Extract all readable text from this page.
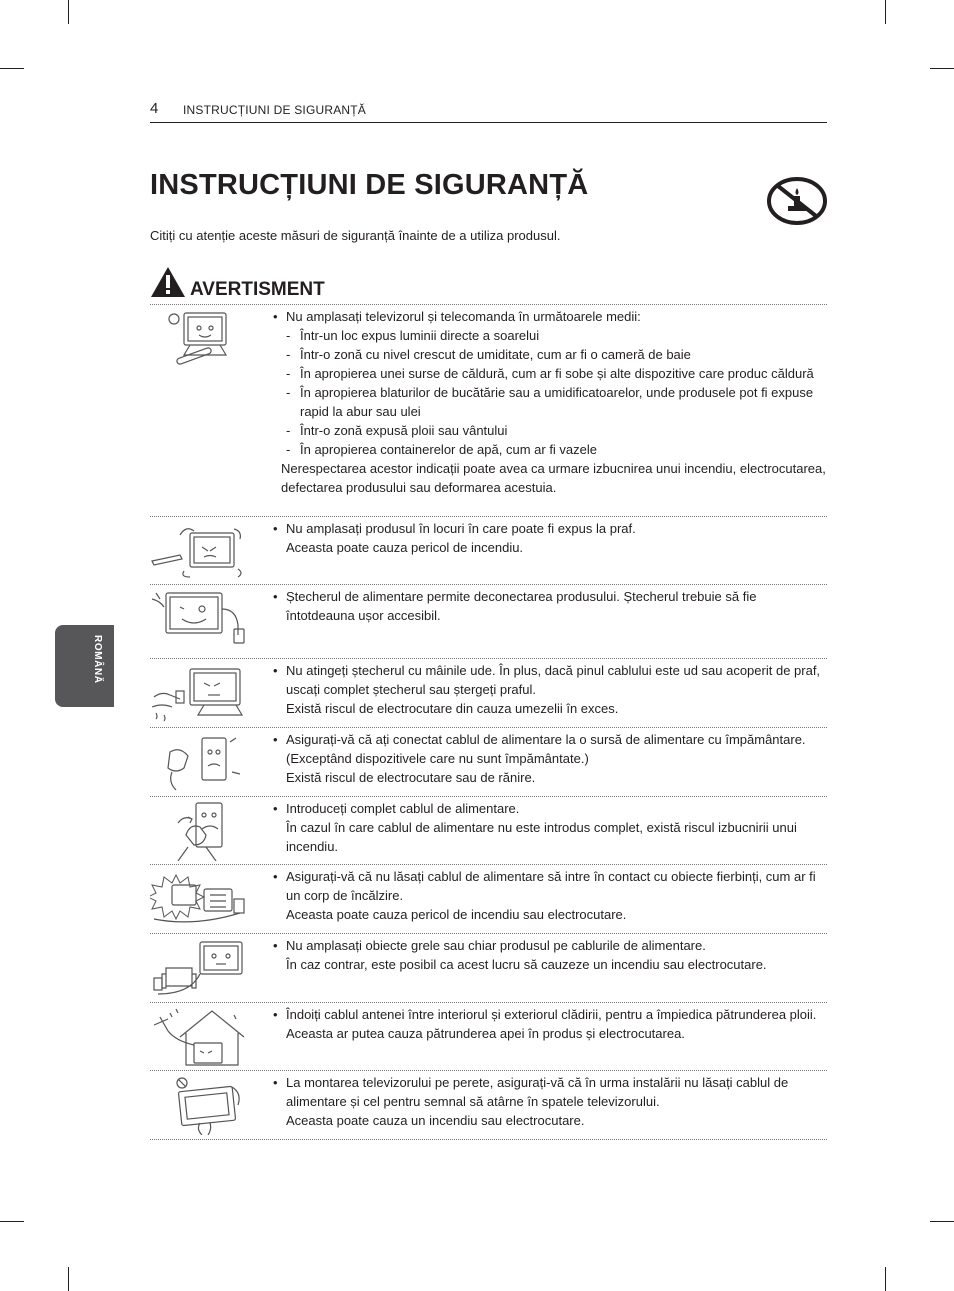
4 INSTRUCȚIUNI DE SIGURANȚĂ
INSTRUCȚIUNI DE SIGURANȚĂ
Citiți cu atenție aceste măsuri de siguranță înainte de a utiliza produsul.
ROMÂNĂ
AVERTISMENT

• Nu amplasați televizorul și telecomanda în următoarele medii:

- Într-un loc expus luminii directe a soarelui

- Într-o zonă cu nivel crescut de umiditate, cum ar fi o cameră de baie

- În apropierea unei surse de căldură, cum ar fi sobe și alte dispozitive care produc căldură

- În apropierea blaturilor de bucătărie sau a umidificatoarelor, unde produsele pot fi expuse rapid la abur sau ulei

- Într-o zonă expusă ploii sau vântului

- În apropierea containerelor de apă, cum ar fi vazele

Nerespectarea acestor indicații poate avea ca urmare izbucnirea unui incendiu, electrocutarea, defectarea produsului sau deformarea acestuia.

• Nu amplasați produsul în locuri în care poate fi expus la praf.

Aceasta poate cauza pericol de incendiu.

• Ștecherul de alimentare permite deconectarea produsului. Ștecherul trebuie să fie întotdeauna ușor accesibil.

• Nu atingeți ștecherul cu mâinile ude. În plus, dacă pinul cablului este ud sau acoperit de praf, uscați complet ștecherul sau ștergeți praful.

Există riscul de electrocutare din cauza umezelii în exces.

• Asigurați-vă că ați conectat cablul de alimentare la o sursă de alimentare cu împământare. (Exceptând dispozitivele care nu sunt împământate.)

Există riscul de electrocutare sau de rănire.

• Introduceți complet cablul de alimentare.

În cazul în care cablul de alimentare nu este introdus complet, există riscul izbucnirii unui incendiu.

• Asigurați-vă că nu lăsați cablul de alimentare să intre în contact cu obiecte fierbinți, cum ar fi un corp de încălzire.

Aceasta poate cauza pericol de incendiu sau electrocutare.

• Nu amplasați obiecte grele sau chiar produsul pe cablurile de alimentare.

În caz contrar, este posibil ca acest lucru să cauzeze un incendiu sau electrocutare.

• Îndoiți cablul antenei între interiorul și exteriorul clădirii, pentru a împiedica pătrunderea ploii.

Aceasta ar putea cauza pătrunderea apei în produs și electrocutarea.

• La montarea televizorului pe perete, asigurați-vă că în urma instalării nu lăsați cablul de alimentare și cel pentru semnal să atârne în spatele televizorului.

Aceasta poate cauza un incendiu sau electrocutare.
